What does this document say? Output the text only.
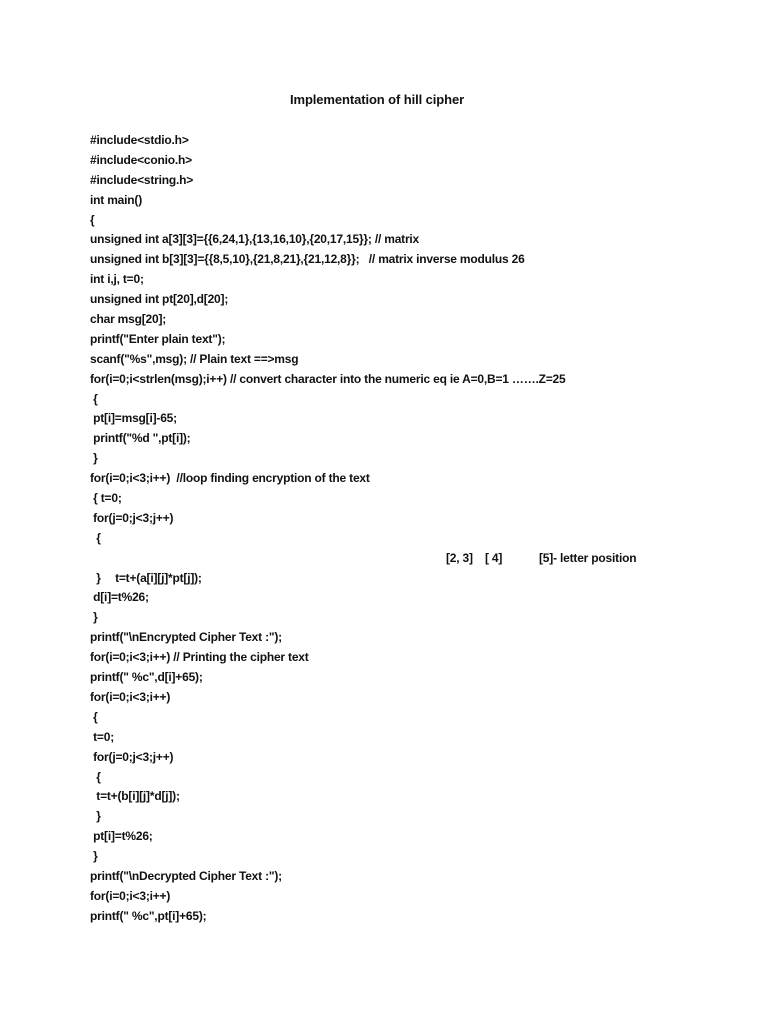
Implementation of hill cipher
#include<stdio.h>
#include<conio.h>
#include<string.h>
int main()
{
unsigned int a[3][3]={{6,24,1},{13,16,10},{20,17,15}}; // matrix
unsigned int b[3][3]={{8,5,10},{21,8,21},{21,12,8}};   // matrix inverse modulus 26
int i,j, t=0;
unsigned int pt[20],d[20];
char msg[20];
printf("Enter plain text");
scanf("%s",msg); // Plain text ==>msg
for(i=0;i<strlen(msg);i++) // convert character into the numeric eq ie A=0,B=1 …….Z=25
{
pt[i]=msg[i]-65;
printf("%d ",pt[i]);
}
for(i=0;i<3;i++)  //loop finding encryption of the text
{ t=0;
for(j=0;j<3;j++)
{

t=t+(a[i][j]*pt[j]);

[2, 3]

[ 4]

	[5]- letter position

}
d[i]=t%26;
}
printf("\nEncrypted Cipher Text :");
for(i=0;i<3;i++) // Printing the cipher text
printf(" %c",d[i]+65);
for(i=0;i<3;i++)
{
t=0;
for(j=0;j<3;j++)
{
t=t+(b[i][j]*d[j]);
}
pt[i]=t%26;
}
printf("\nDecrypted Cipher Text :");
for(i=0;i<3;i++)
printf(" %c",pt[i]+65);
